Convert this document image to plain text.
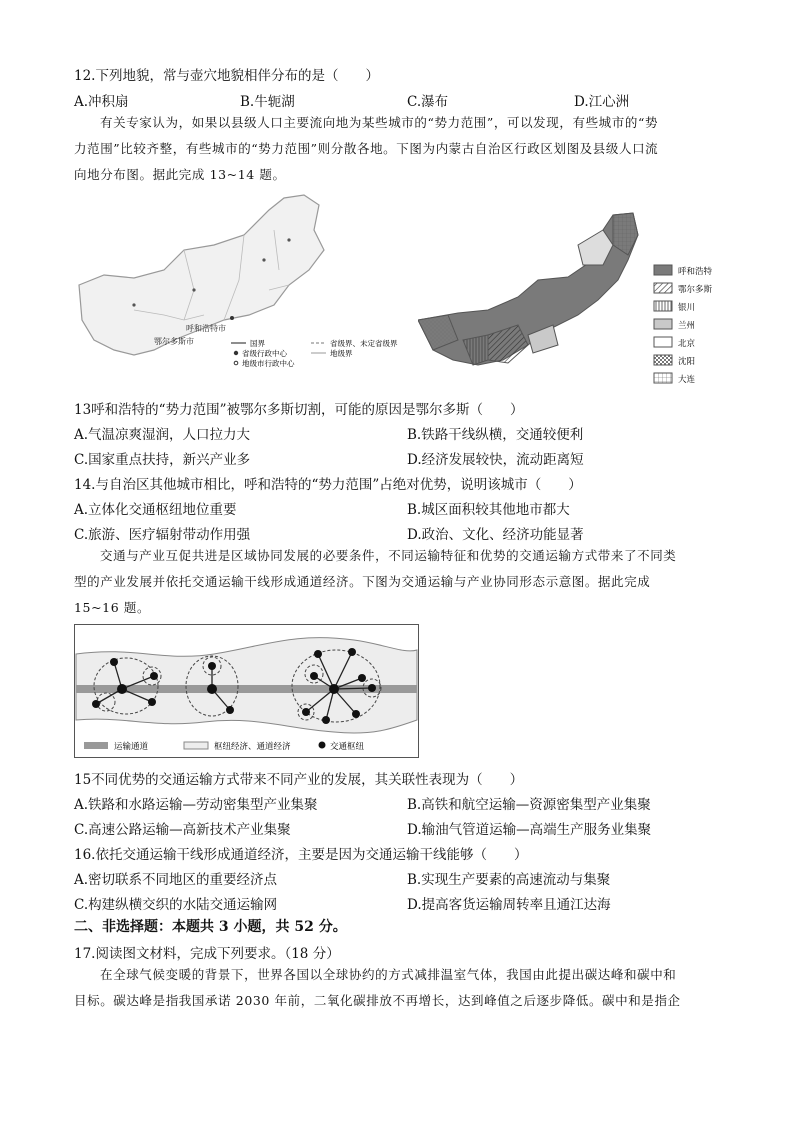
12.下列地貌，常与壶穴地貌相伴分布的是（　　）
A.冲积扇	B.牛轭湖	C.瀑布	D.江心洲
有关专家认为，如果以县级人口主要流向地为某些城市的“势力范围”，可以发现，有些城市的“势
力范围”比较齐整，有些城市的“势力范围”则分散各地。下图为内蒙古自治区行政区划图及县级人口流
向地分布图。据此完成 13~14 题。
呼和浩特市
鄂尔多斯市	国界	省级界、未定省级界
省级行政中心	地级界
地级市行政中心
呼和浩特
鄂尔多斯
银川
兰州
北京
沈阳
大连
13呼和浩特的“势力范围”被鄂尔多斯切割，可能的原因是鄂尔多斯（　　）
A.气温凉爽湿润，人口拉力大	B.铁路干线纵横，交通较便利
C.国家重点扶持，新兴产业多	D.经济发展较快，流动距离短
14.与自治区其他城市相比，呼和浩特的“势力范围”占绝对优势，说明该城市（　　）
A.立体化交通枢纽地位重要	B.城区面积较其他地市都大
C.旅游、医疗辐射带动作用强	D.政治、文化、经济功能显著
交通与产业互促共进是区域协同发展的必要条件，不同运输特征和优势的交通运输方式带来了不同类
型的产业发展并依托交通运输干线形成通道经济。下图为交通运输与产业协同形态示意图。据此完成
15~16 题。
运输通道	枢纽经济、通道经济	交通枢纽
15不同优势的交通运输方式带来不同产业的发展，其关联性表现为（　　）
A.铁路和水路运输—劳动密集型产业集聚	B.高铁和航空运输—资源密集型产业集聚
C.高速公路运输—高新技术产业集聚	D.输油气管道运输—高端生产服务业集聚
16.依托交通运输干线形成通道经济，主要是因为交通运输干线能够（　　）
A.密切联系不同地区的重要经济点	B.实现生产要素的高速流动与集聚
C.构建纵横交织的水陆交通运输网	D.提高客货运输周转率且通江达海
二、非选择题：本题共 3 小题，共 52 分。
17.阅读图文材料，完成下列要求。（18 分）
在全球气候变暖的背景下，世界各国以全球协约的方式减排温室气体，我国由此提出碳达峰和碳中和
目标。碳达峰是指我国承诺 2030 年前，二氧化碳排放不再增长，达到峰值之后逐步降低。碳中和是指企
